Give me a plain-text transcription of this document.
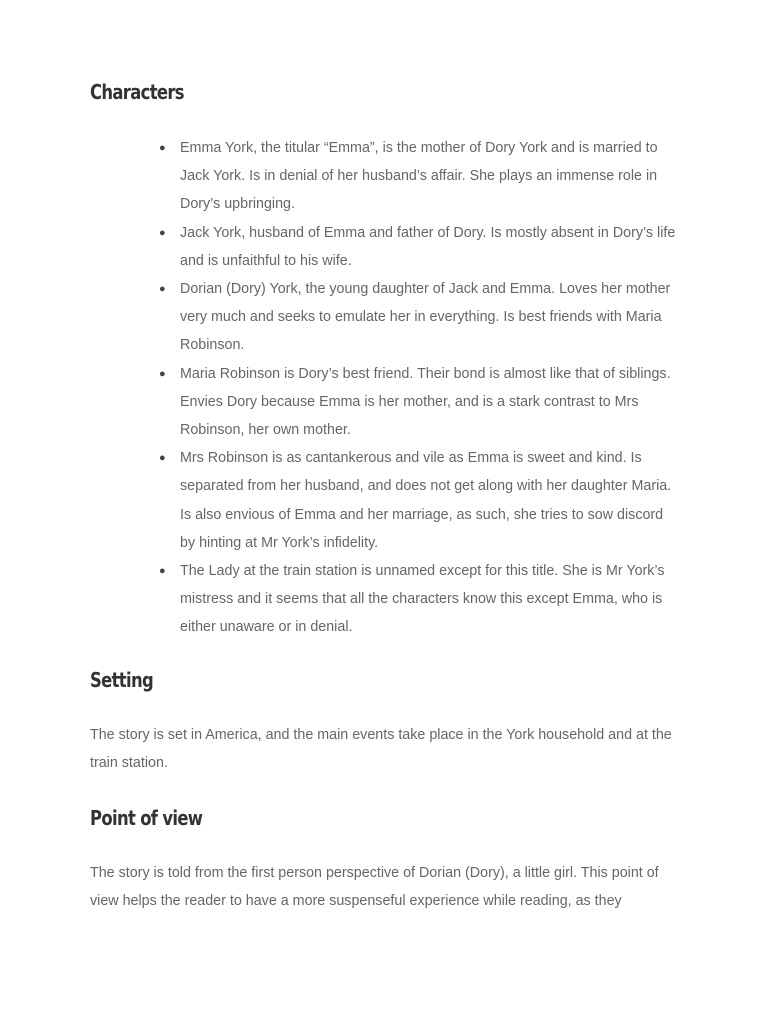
Characters
● Emma York, the titular “Emma”, is the mother of Dory York and is married to Jack York. Is in denial of her husband’s affair. She plays an immense role in Dory’s upbringing.
● Jack York, husband of Emma and father of Dory. Is mostly absent in Dory’s life and is unfaithful to his wife.
● Dorian (Dory) York, the young daughter of Jack and Emma. Loves her mother very much and seeks to emulate her in everything. Is best friends with Maria Robinson.
● Maria Robinson is Dory’s best friend. Their bond is almost like that of siblings. Envies Dory because Emma is her mother, and is a stark contrast to Mrs Robinson, her own mother.
● Mrs Robinson is as cantankerous and vile as Emma is sweet and kind. Is separated from her husband, and does not get along with her daughter Maria. Is also envious of Emma and her marriage, as such, she tries to sow discord by hinting at Mr York’s infidelity.
● The Lady at the train station is unnamed except for this title. She is Mr York’s mistress and it seems that all the characters know this except Emma, who is either unaware or in denial.
Setting

The story is set in America, and the main events take place in the York household and at the train station.

Point of view

The story is told from the first person perspective of Dorian (Dory), a little girl. This point of view helps the reader to have a more suspenseful experience while reading, as they
